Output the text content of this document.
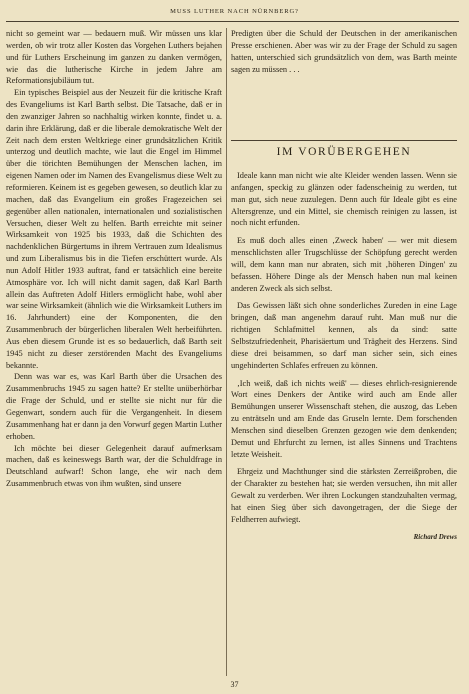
MUSS LUTHER NACH NÜRNBERG?

nicht so gemeint war — bedauern muß. Wir müssen uns klar werden, ob wir trotz aller Kosten das Vorgehen Luthers bejahen und für Luthers Erscheinung im ganzen zu danken vermögen, wie das die lutherische Kirche in jedem Jahre am Reformationsjubiläum tut.

Ein typisches Beispiel aus der Neuzeit für die kritische Kraft des Evangeliums ist Karl Barth selbst. Die Tatsache, daß er in den zwanziger Jahren so nachhaltig wirken konnte, findet u. a. darin ihre Erklärung, daß er die liberale demokratische Welt der Zeit nach dem ersten Weltkriege einer grundsätzlichen Kritik unterzog und deutlich machte, wie laut die Engel im Himmel über die törichten Bemühungen der Menschen lachen, im eigenen Namen oder im Namen des Evangelismus diese Welt zu reformieren. Keinem ist es gegeben gewesen, so deutlich klar zu machen, daß das Evangelium ein großes Fragezeichen sei gegenüber allen nationalen, internationalen und sozialistischen Versuchen, dieser Welt zu helfen. Barth erreichte mit seiner Wirksamkeit von 1925 bis 1933, daß die Schichten des nachdenklichen Bürgertums in ihrem Vertrauen zum Idealismus und zum Liberalismus bis in die Tiefen erschüttert wurde. Als nun Adolf Hitler 1933 auftrat, fand er tatsächlich eine bereite Atmosphäre vor. Ich will nicht damit sagen, daß Karl Barth allein das Auftreten Adolf Hitlers ermöglicht habe, wohl aber war seine Wirksamkeit (ähnlich wie die Wirksamkeit Luthers im 16. Jahrhundert) eine der Komponenten, die den Zusammenbruch der bürgerlichen liberalen Welt herbeiführten. Aus eben diesem Grunde ist es so bedauerlich, daß Barth seit 1945 nicht zu dieser zerstörenden Macht des Evangeliums bekannte.

Denn was war es, was Karl Barth über die Ursachen des Zusammenbruchs 1945 zu sagen hatte? Er stellte unüberhörbar die Frage der Schuld, und er stellte sie nicht nur für die Gegenwart, sondern auch für die Vergangenheit. In diesem Zusammenhang hat er dann ja den Vorwurf gegen Martin Luther erhoben.

Ich möchte bei dieser Gelegenheit darauf aufmerksam machen, daß es keineswegs Barth war, der die Schuldfrage in Deutschland aufwarf! Schon lange, ehe wir nach dem Zusammenbruch etwas von ihm wußten, sind unsere

Predigten über die Schuld der Deutschen in der amerikanischen Presse erschienen. Aber was wir zu der Frage der Schuld zu sagen hatten, unterschied sich grundsätzlich von dem, was Barth meinte sagen zu müssen . . .

IM VORÜBERGEHEN

Ideale kann man nicht wie alte Kleider wenden lassen. Wenn sie anfangen, speckig zu glänzen oder fadenscheinig zu werden, tut man gut, sich neue zuzulegen. Denn auch für Ideale gibt es eine Altersgrenze, und ein Mittel, sie chemisch reinigen zu lassen, ist noch nicht erfunden.

Es muß doch alles einen ‚Zweck haben' — wer mit diesem menschlichsten aller Trugschlüsse der Schöpfung gerecht werden will, dem kann man nur abraten, sich mit ‚höheren Dingen' zu befassen. Höhere Dinge als der Mensch haben nun mal keinen anderen Zweck als sich selbst.

Das Gewissen läßt sich ohne sonderliches Zureden in eine Lage bringen, daß man angenehm darauf ruht. Man muß nur die richtigen Schlafmittel kennen, als da sind: satte Selbstzufriedenheit, Pharisäertum und Trägheit des Herzens. Sind diese drei beisammen, so darf man sicher sein, sich eines ungehinderten Schlafes erfreuen zu können.

‚Ich weiß, daß ich nichts weiß' — dieses ehrlich-resignierende Wort eines Denkers der Antike wird auch am Ende aller Bemühungen unserer Wissenschaft stehen, die auszog, das Leben zu enträtseln und am Ende das Gruseln lernte. Dem forschenden Menschen sind dieselben Grenzen gezogen wie dem denkenden; Demut und Ehrfurcht zu lernen, ist alles Sinnens und Trachtens letzte Weisheit.

Ehrgeiz und Machthunger sind die stärksten Zerreißproben, die der Charakter zu bestehen hat; sie werden versuchen, ihn mit aller Gewalt zu verderben. Wer ihren Lockungen standzuhalten vermag, hat einen Sieg über sich davongetragen, der die Siege der Feldherren aufwiegt.

Richard Drews
37
